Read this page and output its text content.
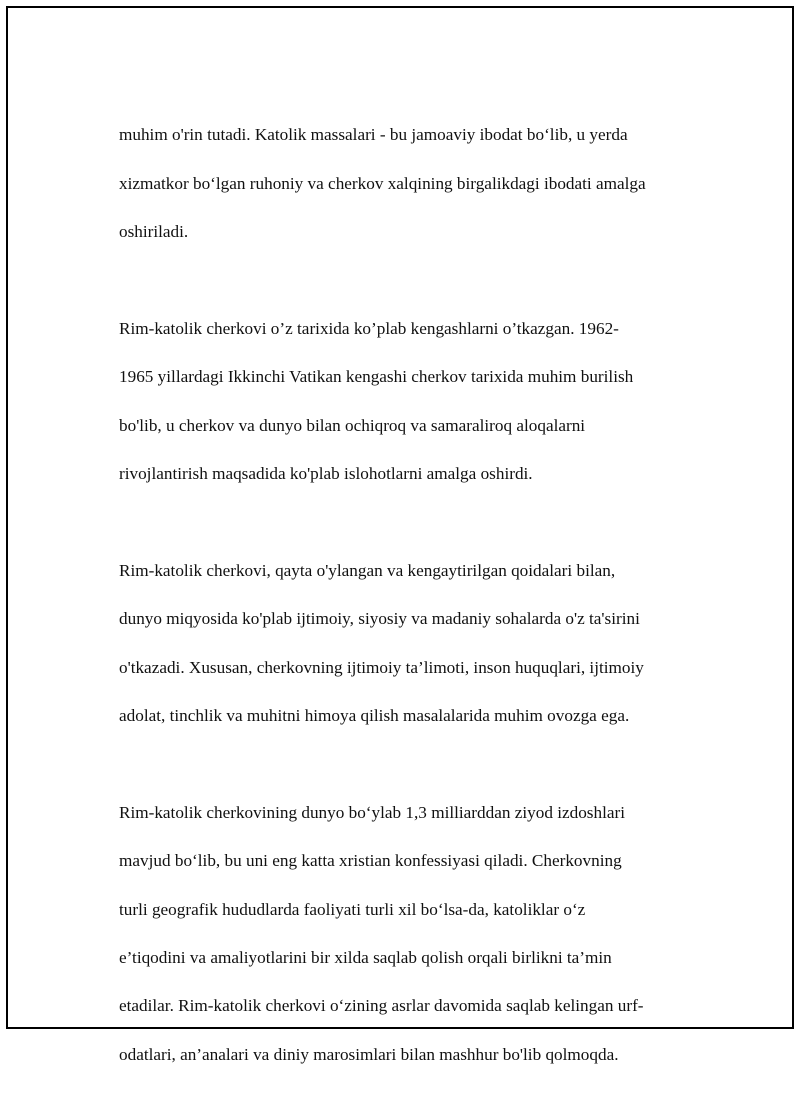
muhim o'rin tutadi. Katolik massalari - bu jamoaviy ibodat bo‘lib, u yerda

xizmatkor bo‘lgan ruhoniy va cherkov xalqining birgalikdagi ibodati amalga

oshiriladi.

Rim-katolik cherkovi o’z tarixida ko’plab kengashlarni o’tkazgan. 1962-

1965 yillardagi Ikkinchi Vatikan kengashi cherkov tarixida muhim burilish

bo'lib, u cherkov va dunyo bilan ochiqroq va samaraliroq aloqalarni

rivojlantirish maqsadida ko'plab islohotlarni amalga oshirdi.

Rim-katolik cherkovi, qayta o'ylangan va kengaytirilgan qoidalari bilan,

dunyo miqyosida ko'plab ijtimoiy, siyosiy va madaniy sohalarda o'z ta'sirini

o'tkazadi. Xususan, cherkovning ijtimoiy ta’limoti, inson huquqlari, ijtimoiy

adolat, tinchlik va muhitni himoya qilish masalalarida muhim ovozga ega.

Rim-katolik cherkovining dunyo bo‘ylab 1,3 milliarddan ziyod izdoshlari

mavjud bo‘lib, bu uni eng katta xristian konfessiyasi qiladi. Cherkovning

turli geografik hududlarda faoliyati turli xil bo‘lsa-da, katoliklar o‘z

e’tiqodini va amaliyotlarini bir xilda saqlab qolish orqali birlikni ta’min

etadilar. Rim-katolik cherkovi o‘zining asrlar davomida saqlab kelingan urf-

odatlari, an’analari va diniy marosimlari bilan mashhur bo'lib qolmoqda.
